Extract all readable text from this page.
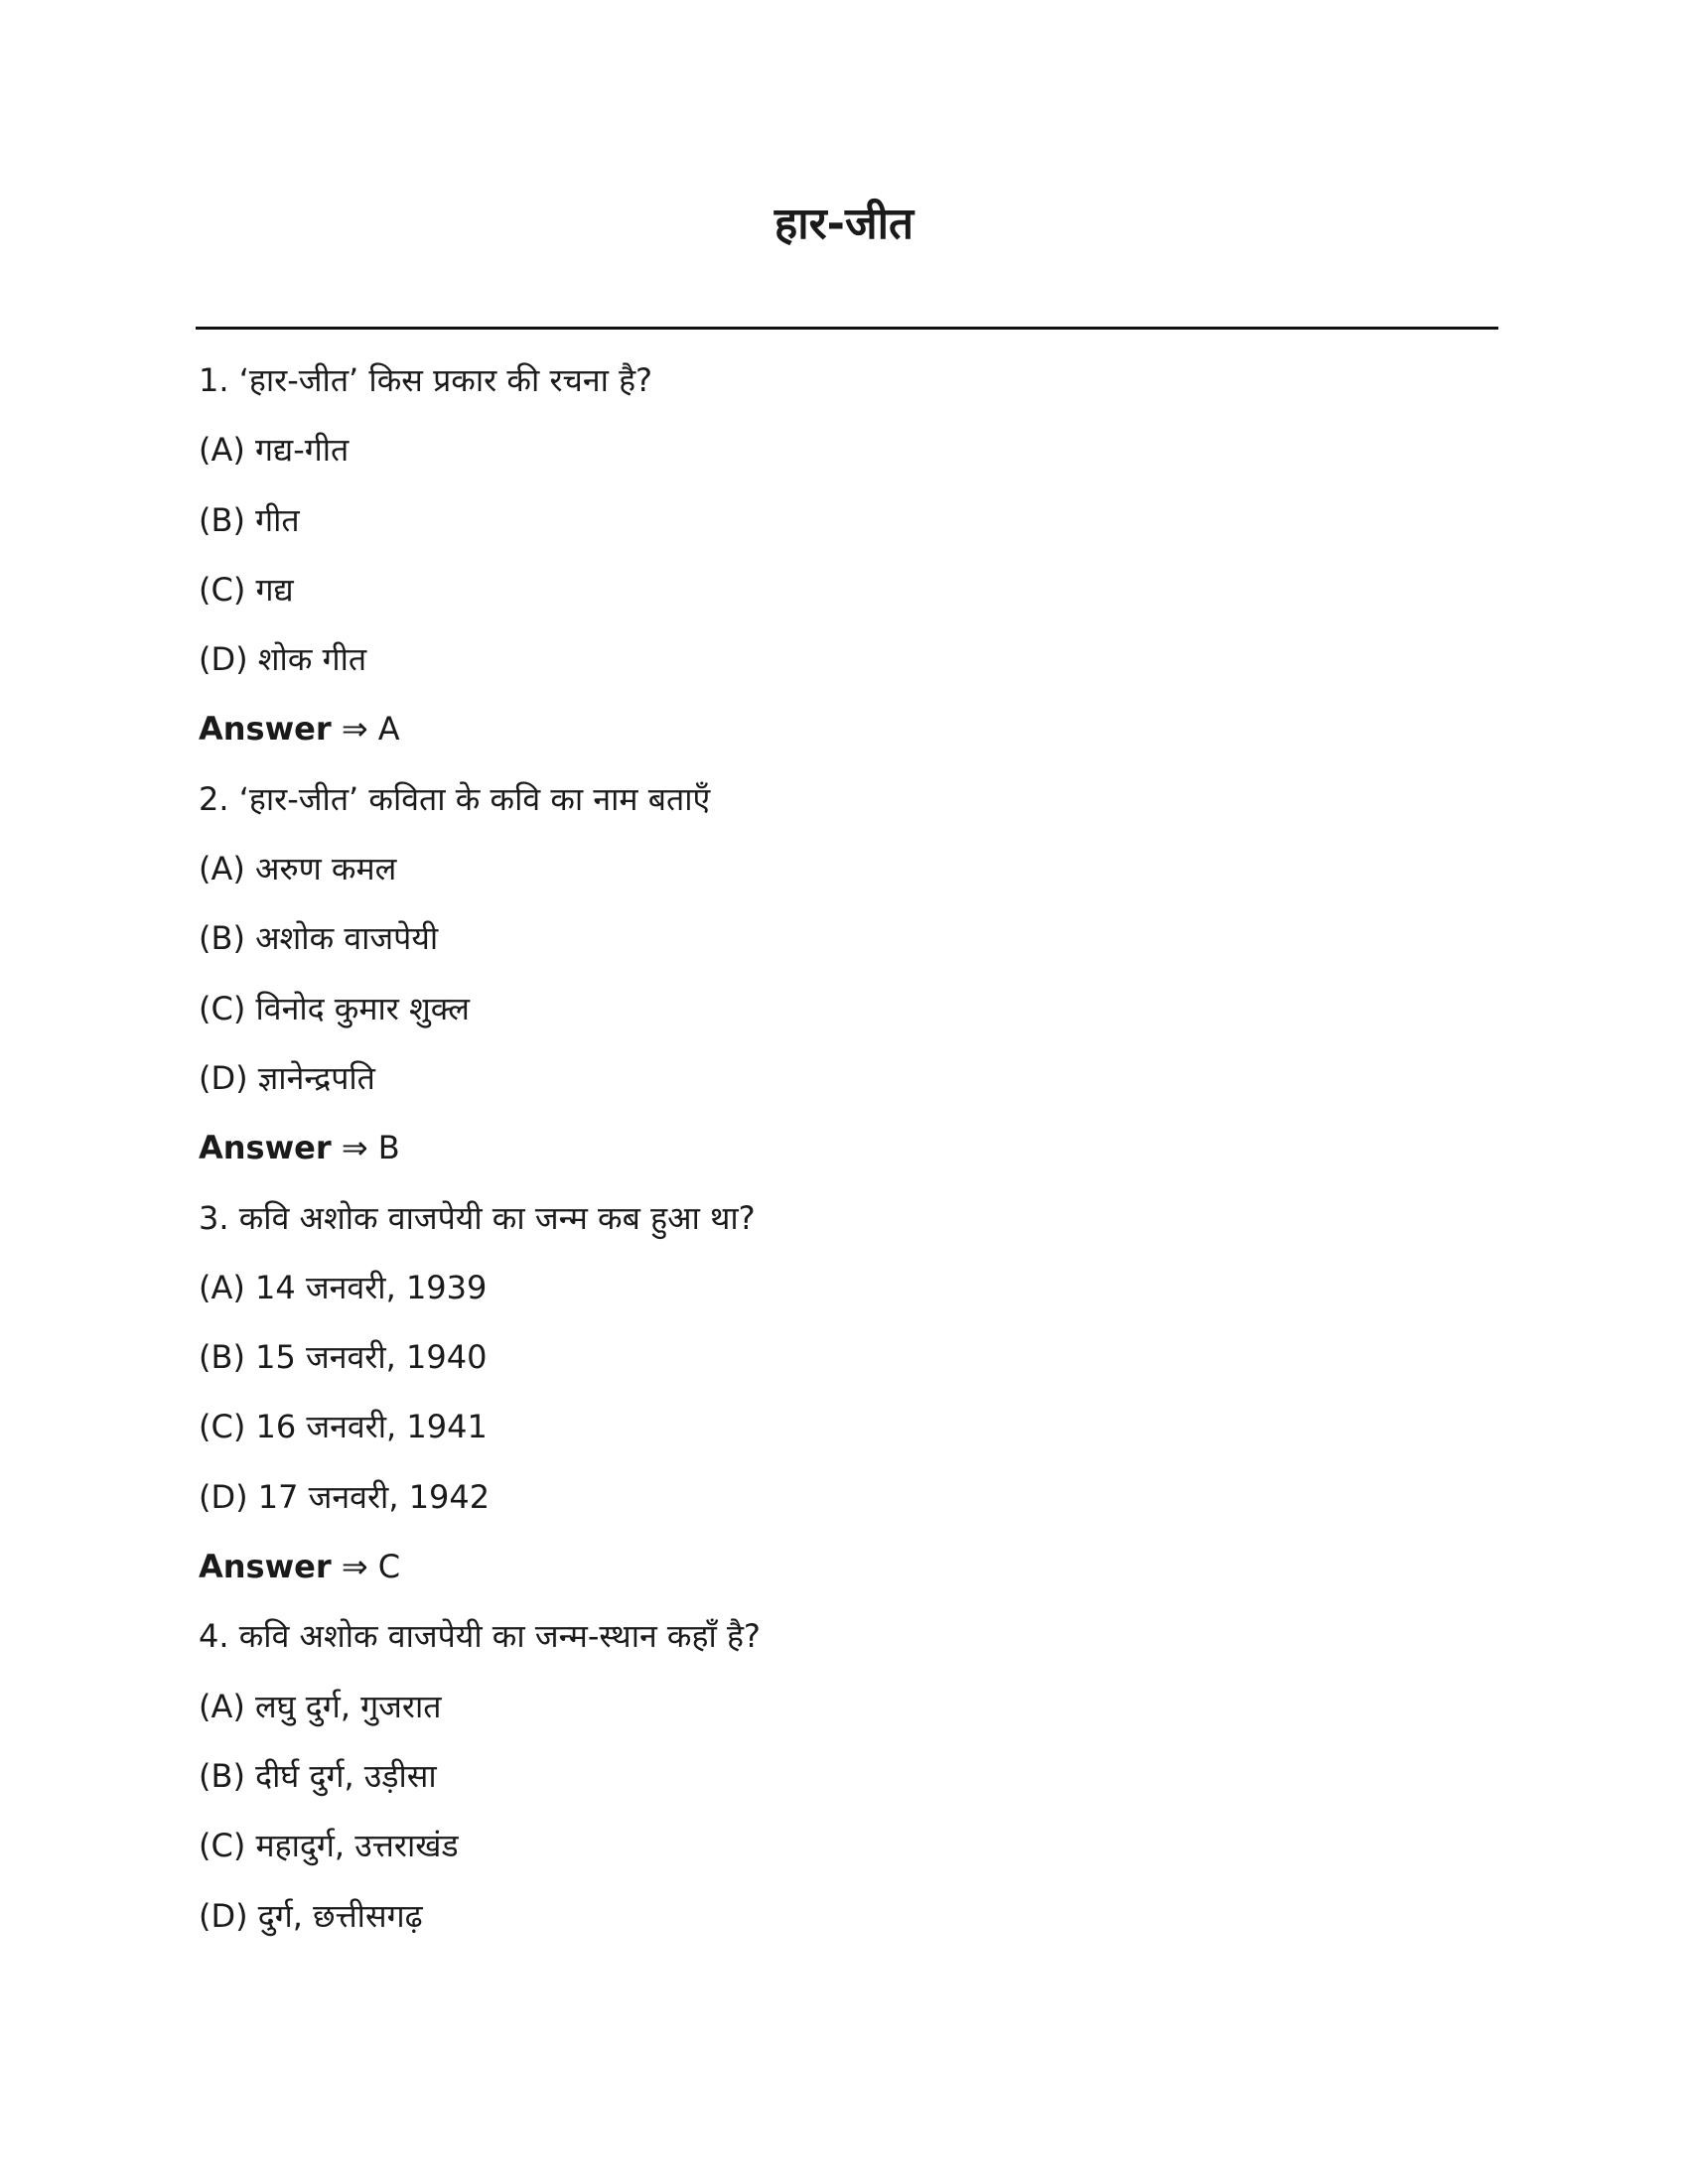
हार-जीत
1. ‘हार-जीत’ किस प्रकार की रचना है?
(A) गद्य-गीत
(B) गीत
(C) गद्य
(D) शोक गीत
Answer ⇒ A
2. ‘हार-जीत’ कविता के कवि का नाम बताएँ
(A) अरुण कमल
(B) अशोक वाजपेयी
(C) विनोद कुमार शुक्ल
(D) ज्ञानेन्द्रपति
Answer ⇒ B
3. कवि अशोक वाजपेयी का जन्म कब हुआ था?
(A) 14 जनवरी, 1939
(B) 15 जनवरी, 1940
(C) 16 जनवरी, 1941
(D) 17 जनवरी, 1942
Answer ⇒ C
4. कवि अशोक वाजपेयी का जन्म-स्थान कहाँ है?
(A) लघु दुर्ग, गुजरात
(B) दीर्घ दुर्ग, उड़ीसा
(C) महादुर्ग, उत्तराखंड
(D) दुर्ग, छत्तीसगढ़
